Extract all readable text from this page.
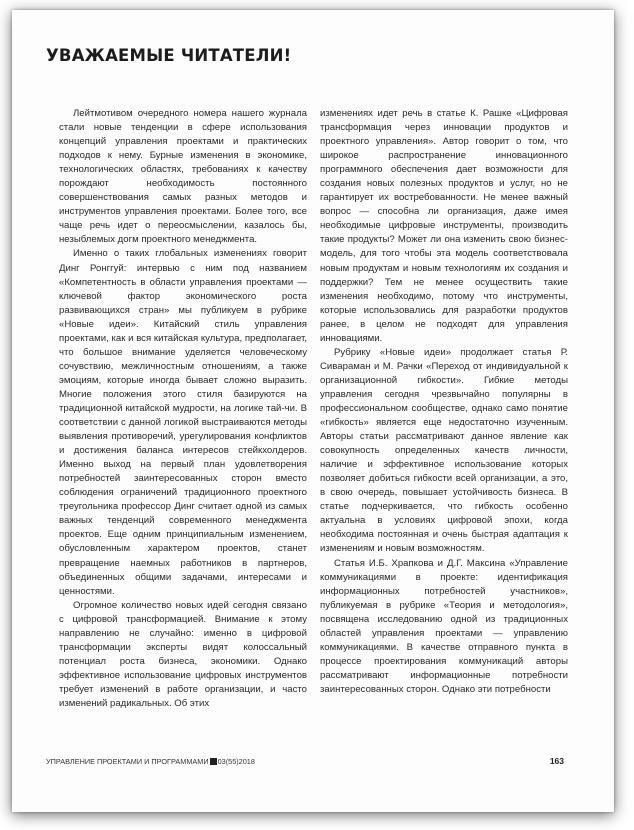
УВАЖАЕМЫЕ ЧИТАТЕЛИ!

Лейтмотивом очередного номера нашего журнала стали новые тенденции в сфере использования концепций управления проектами и практических подходов к нему. Бурные изменения в экономике, технологических областях, требованиях к качеству порождают необходимость постоянного совершенствования самых разных методов и инструментов управления проектами. Более того, все чаще речь идет о переосмыслении, казалось бы, незыблемых догм проектного менеджмента.

Именно о таких глобальных изменениях говорит Динг Ронггуй: интервью с ним под названием «Компетентность в области управления проектами — ключевой фактор экономического роста развивающихся стран» мы публикуем в рубрике «Новые идеи». Китайский стиль управления проектами, как и вся китайская культура, предполагает, что большое внимание уделяется человеческому сочувствию, межличностным отношениям, а также эмоциям, которые иногда бывает сложно выразить. Многие положения этого стиля базируются на традиционной китайской мудрости, на логике тай-чи. В соответствии с данной логикой выстраиваются методы выявления противоречий, урегулирования конфликтов и достижения баланса интересов стейкхолдеров. Именно выход на первый план удовлетворения потребностей заинтересованных сторон вместо соблюдения ограничений традиционного проектного треугольника профессор Динг считает одной из самых важных тенденций современного менеджмента проектов. Еще одним принципиальным изменением, обусловленным характером проектов, станет превращение наемных работников в партнеров, объединенных общими задачами, интересами и ценностями.

Огромное количество новых идей сегодня связано с цифровой трансформацией. Внимание к этому направлению не случайно: именно в цифровой трансформации эксперты видят колоссальный потенциал роста бизнеса, экономики. Однако эффективное использование цифровых инструментов требует изменений в работе организации, и часто изменений радикальных. Об этих

изменениях идет речь в статье К. Рашке «Цифровая трансформация через инновации продуктов и проектного управления». Автор говорит о том, что широкое распространение инновационного программного обеспечения дает возможности для создания новых полезных продуктов и услуг, но не гарантирует их востребованности. Не менее важный вопрос — способна ли организация, даже имея необходимые цифровые инструменты, производить такие продукты? Может ли она изменить свою бизнес-модель, для того чтобы эта модель соответствовала новым продуктам и новым технологиям их создания и поддержки? Тем не менее осуществить такие изменения необходимо, потому что инструменты, которые использовались для разработки продуктов ранее, в целом не подходят для управления инновациями.

Рубрику «Новые идеи» продолжает статья Р. Сивараман и М. Рачки «Переход от индивидуальной к организационной гибкости». Гибкие методы управления сегодня чрезвычайно популярны в профессиональном сообществе, однако само понятие «гибкость» является еще недостаточно изученным. Авторы статьи рассматривают данное явление как совокупность определенных качеств личности, наличие и эффективное использование которых позволяет добиться гибкости всей организации, а это, в свою очередь, повышает устойчивость бизнеса. В статье подчеркивается, что гибкость особенно актуальна в условиях цифровой эпохи, когда необходима постоянная и очень быстрая адаптация к изменениям и новым возможностям.

Статья И.Б. Храпкова и Д.Г. Максина «Управление коммуникациями в проекте: идентификация информационных потребностей участников», публикуемая в рубрике «Теория и методология», посвящена исследованию одной из традиционных областей управления проектами — управлению коммуникациями. В качестве отправного пункта в процессе проектирования коммуникаций авторы рассматривают информационные потребности заинтересованных сторон. Однако эти потребности

УПРАВЛЕНИЕ ПРОЕКТАМИ И ПРОГРАММАМИ 03(55)2018	163
